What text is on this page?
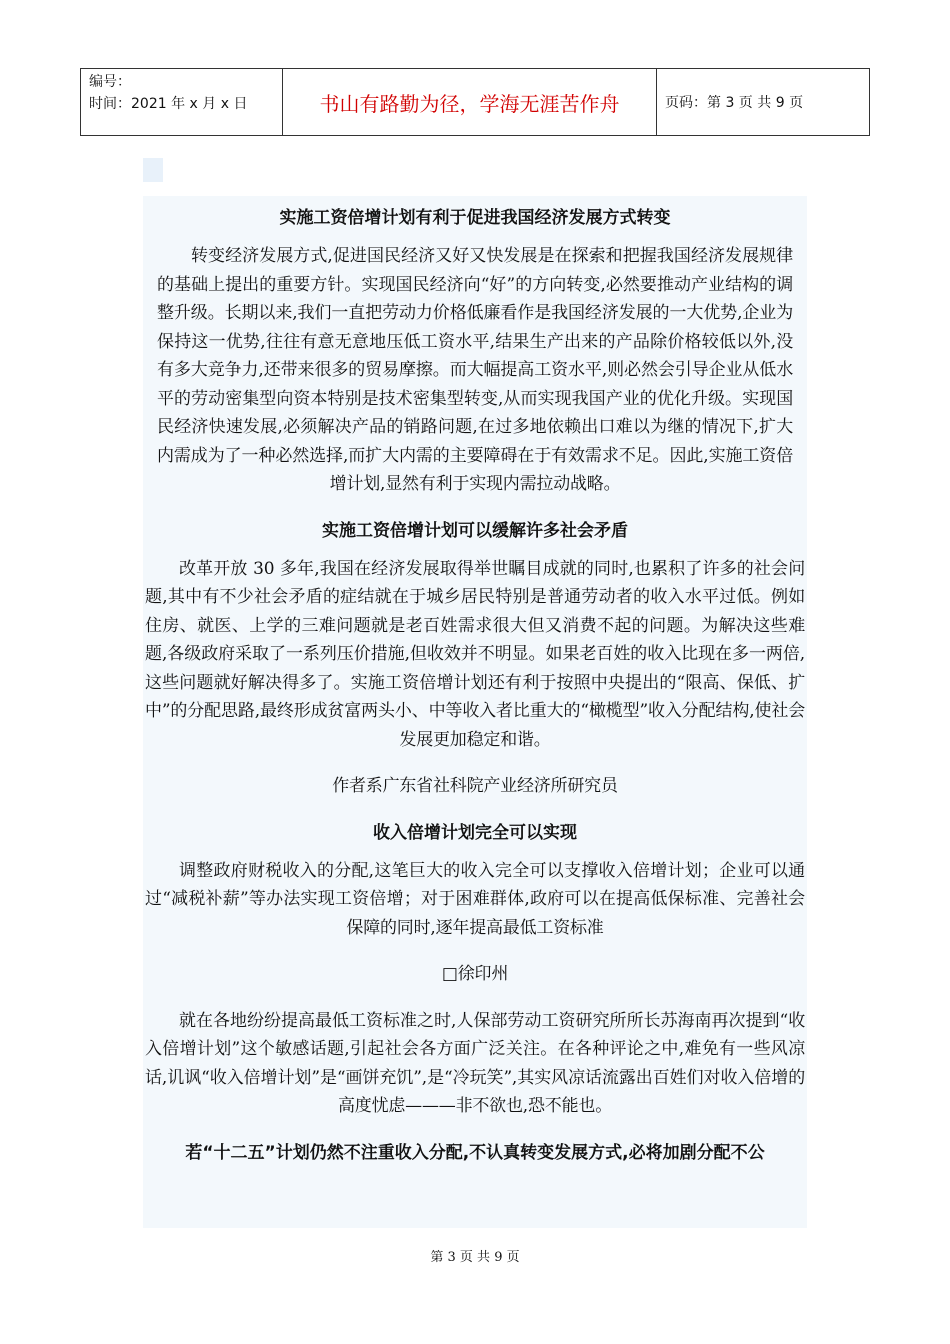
编号：
时间：2021 年 x 月 x 日	书山有路勤为径，学海无涯苦作舟	页码：第 3 页 共 9 页
实施工资倍增计划有利于促进我国经济发展方式转变
转变经济发展方式,促进国民经济又好又快发展是在探索和把握我国经济发展规律的基础上提出的重要方针。实现国民经济向“好”的方向转变,必然要推动产业结构的调整升级。长期以来,我们一直把劳动力价格低廉看作是我国经济发展的一大优势,企业为保持这一优势,往往有意无意地压低工资水平,结果生产出来的产品除价格较低以外,没有多大竞争力,还带来很多的贸易摩擦。而大幅提高工资水平,则必然会引导企业从低水平的劳动密集型向资本特别是技术密集型转变,从而实现我国产业的优化升级。实现国民经济快速发展,必须解决产品的销路问题,在过多地依赖出口难以为继的情况下,扩大内需成为了一种必然选择,而扩大内需的主要障碍在于有效需求不足。因此,实施工资倍增计划,显然有利于实现内需拉动战略。
实施工资倍增计划可以缓解许多社会矛盾
改革开放 30 多年,我国在经济发展取得举世瞩目成就的同时,也累积了许多的社会问题,其中有不少社会矛盾的症结就在于城乡居民特别是普通劳动者的收入水平过低。例如住房、就医、上学的三难问题就是老百姓需求很大但又消费不起的问题。为解决这些难题,各级政府采取了一系列压价措施,但收效并不明显。如果老百姓的收入比现在多一两倍,这些问题就好解决得多了。实施工资倍增计划还有利于按照中央提出的“限高、保低、扩中”的分配思路,最终形成贫富两头小、中等收入者比重大的“橄榄型”收入分配结构,使社会发展更加稳定和谐。
作者系广东省社科院产业经济所研究员
收入倍增计划完全可以实现
调整政府财税收入的分配,这笔巨大的收入完全可以支撑收入倍增计划；企业可以通过“减税补薪”等办法实现工资倍增；对于困难群体,政府可以在提高低保标准、完善社会保障的同时,逐年提高最低工资标准
□徐印州
就在各地纷纷提高最低工资标准之时,人保部劳动工资研究所所长苏海南再次提到“收入倍增计划”这个敏感话题,引起社会各方面广泛关注。在各种评论之中,难免有一些风凉话,讥讽“收入倍增计划”是“画饼充饥”,是“冷玩笑”,其实风凉话流露出百姓们对收入倍增的高度忧虑———非不欲也,恐不能也。
若“十二五”计划仍然不注重收入分配,不认真转变发展方式,必将加剧分配不公
第 3 页 共 9 页
